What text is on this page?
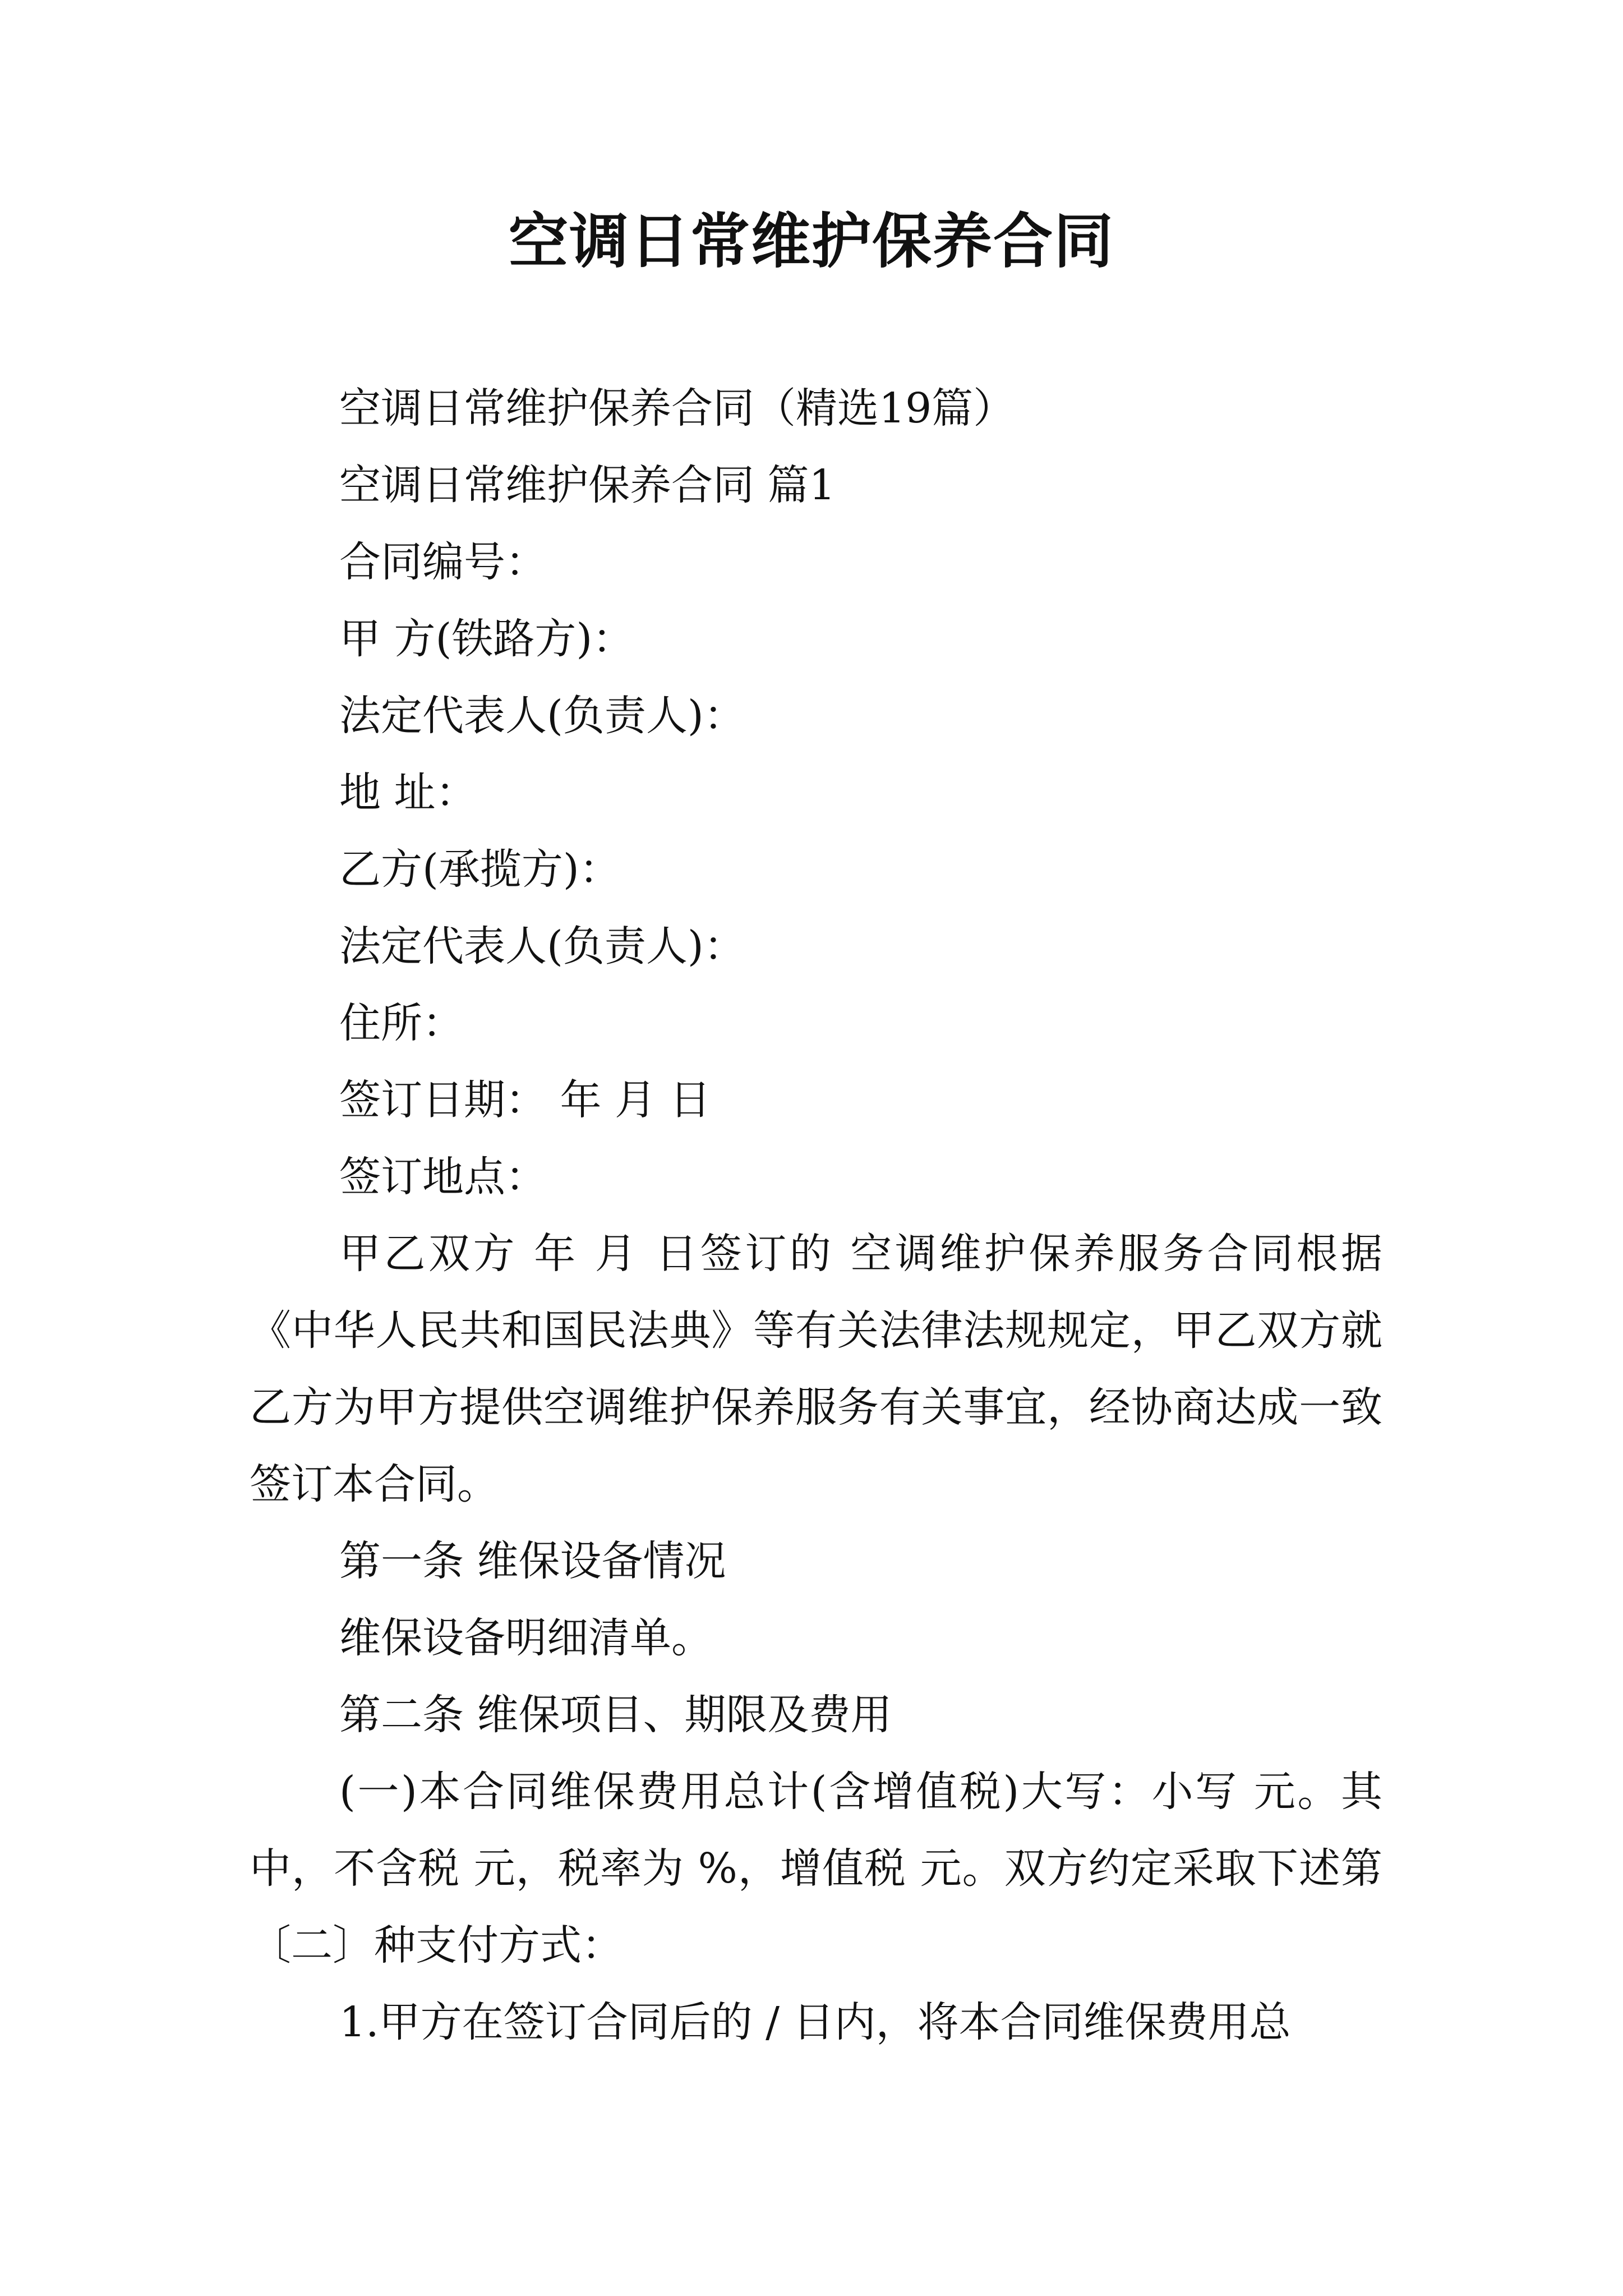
空调日常维护保养合同

空调日常维护保养合同（精选19篇）

空调日常维护保养合同 篇1

合同编号：

甲 方(铁路方)：

法定代表人(负责人)：

地 址：

乙方(承揽方)：

法定代表人(负责人)：

住所：

签订日期： 年 月 日

签订地点：

甲乙双方 年 月 日签订的 空调维护保养服务合同根据《中华人民共和国民法典》等有关法律法规规定，甲乙双方就乙方为甲方提供空调维护保养服务有关事宜，经协商达成一致签订本合同。

第一条 维保设备情况

维保设备明细清单。

第二条 维保项目、期限及费用

(一)本合同维保费用总计(含增值税)大写：小写 元。其中，不含税 元，税率为 %，增值税 元。双方约定采取下述第〔二〕种支付方式：

1.甲方在签订合同后的 / 日内，将本合同维保费用总
